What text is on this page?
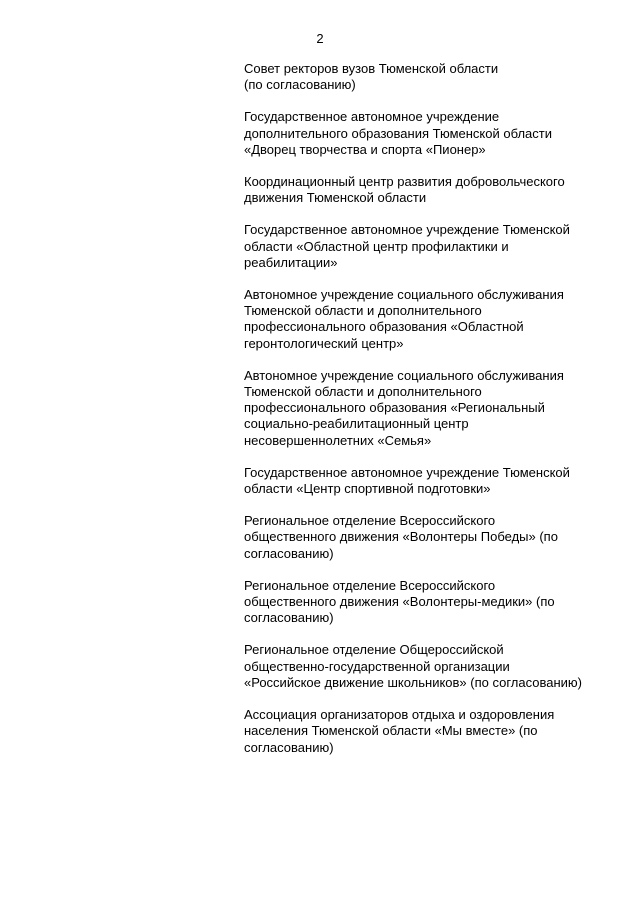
2
Совет ректоров вузов Тюменской области
(по согласованию)
Государственное автономное учреждение
дополнительного образования Тюменской области
«Дворец творчества и спорта «Пионер»
Координационный центр развития добровольческого
движения Тюменской области
Государственное автономное учреждение Тюменской
области «Областной центр профилактики и
реабилитации»
Автономное учреждение социального обслуживания
Тюменской области и дополнительного
профессионального образования «Областной
геронтологический центр»
Автономное учреждение социального обслуживания
Тюменской области и дополнительного
профессионального образования «Региональный
социально-реабилитационный центр
несовершеннолетних «Семья»
Государственное автономное учреждение Тюменской
области «Центр спортивной подготовки»
Региональное отделение Всероссийского
общественного движения «Волонтеры Победы» (по
согласованию)
Региональное отделение Всероссийского
общественного движения «Волонтеры-медики» (по
согласованию)
Региональное отделение Общероссийской
общественно-государственной организации
«Российское движение школьников» (по согласованию)
Ассоциация организаторов отдыха и оздоровления
населения Тюменской области «Мы вместе» (по
согласованию)
